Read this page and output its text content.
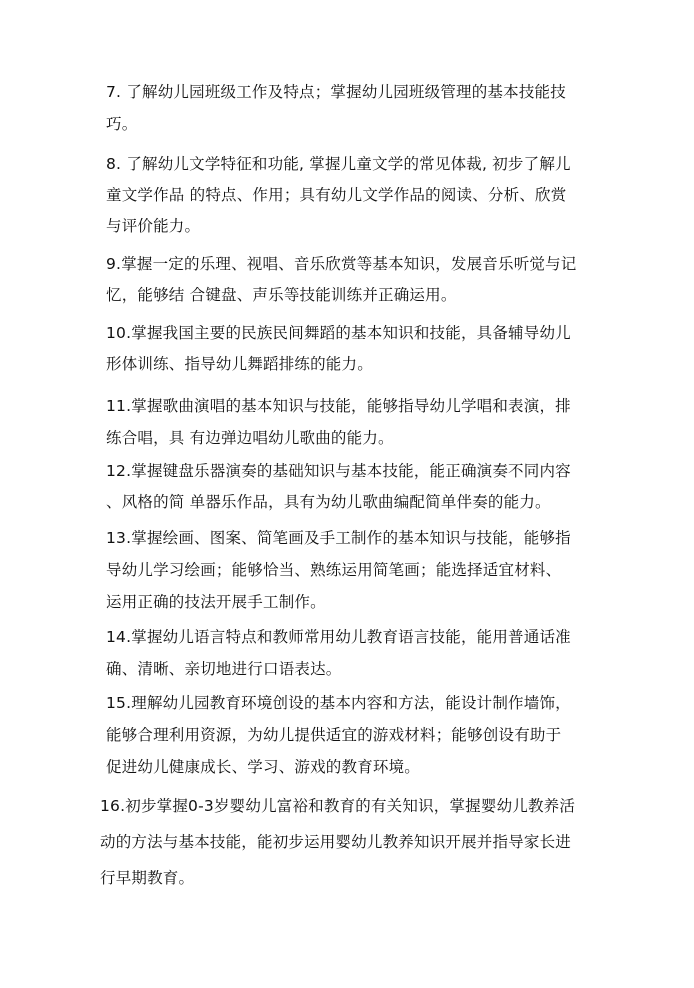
7. 了解幼儿园班级工作及特点；掌握幼儿园班级管理的基本技能技
巧。
8. 了解幼儿文学特征和功能, 掌握儿童文学的常见体裁, 初步了解儿
童文学作品 的特点、作用；具有幼儿文学作品的阅读、分析、欣赏
与评价能力。
9.掌握一定的乐理、视唱、音乐欣赏等基本知识，发展音乐听觉与记
忆，能够结 合键盘、声乐等技能训练并正确运用。
10.掌握我国主要的民族民间舞蹈的基本知识和技能，具备辅导幼儿
形体训练、指导幼儿舞蹈排练的能力。
11.掌握歌曲演唱的基本知识与技能，能够指导幼儿学唱和表演，排
练合唱，具 有边弹边唱幼儿歌曲的能力。
12.掌握键盘乐器演奏的基础知识与基本技能，能正确演奏不同内容
、风格的简 单器乐作品，具有为幼儿歌曲编配简单伴奏的能力。
13.掌握绘画、图案、简笔画及手工制作的基本知识与技能，能够指
导幼儿学习绘画；能够恰当、熟练运用简笔画；能选择适宜材料、
运用正确的技法开展手工制作。
14.掌握幼儿语言特点和教师常用幼儿教育语言技能，能用普通话准
确、清晰、亲切地进行口语表达。
15.理解幼儿园教育环境创设的基本内容和方法，能设计制作墙饰，
能够合理利用资源，为幼儿提供适宜的游戏材料；能够创设有助于
促进幼儿健康成长、学习、游戏的教育环境。
16.初步掌握0-3岁婴幼儿富裕和教育的有关知识，掌握婴幼儿教养活
动的方法与基本技能，能初步运用婴幼儿教养知识开展并指导家长进
行早期教育。
